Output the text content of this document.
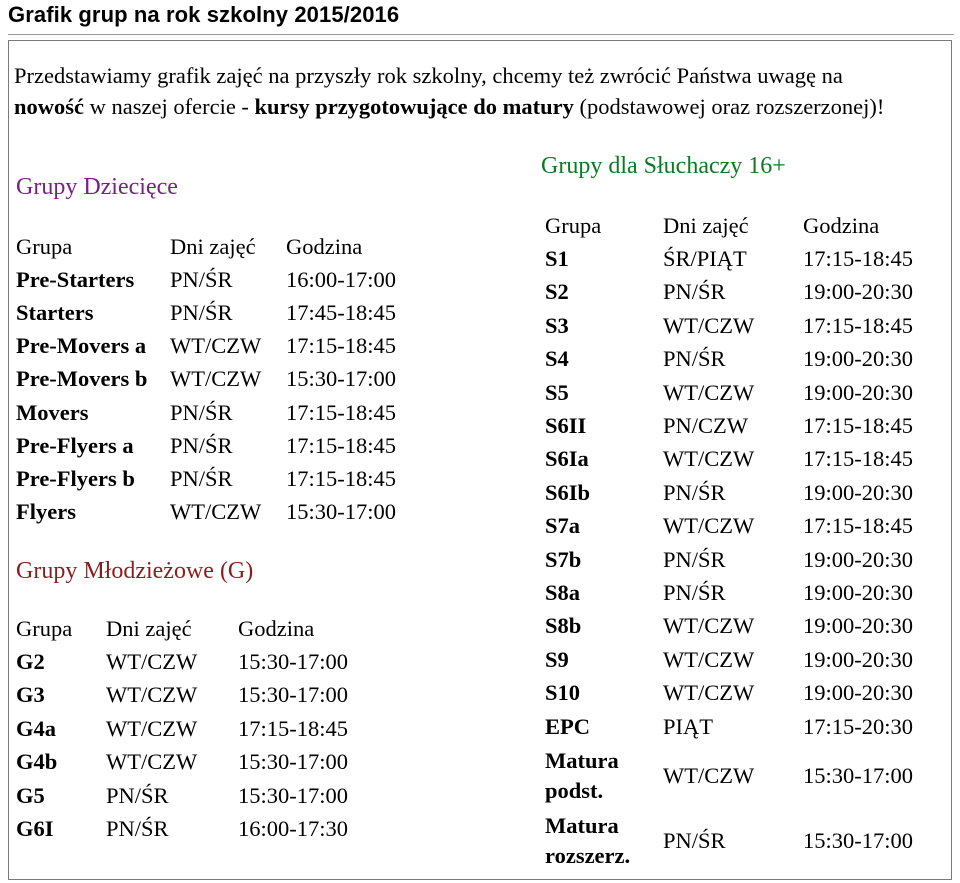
Grafik grup na rok szkolny 2015/2016
Przedstawiamy grafik zajęć na przyszły rok szkolny, chcemy też zwrócić Państwa uwagę na nowość w naszej ofercie - kursy przygotowujące do matury (podstawowej oraz rozszerzonej)!
Grupy Dziecięce
Grupa	Dni zajęć	Godzina
Pre-Starters	PN/ŚR	16:00-17:00
Starters	PN/ŚR	17:45-18:45
Pre-Movers a	WT/CZW	17:15-18:45
Pre-Movers b	WT/CZW	15:30-17:00
Movers	PN/ŚR	17:15-18:45
Pre-Flyers a	PN/ŚR	17:15-18:45
Pre-Flyers b	PN/ŚR	17:15-18:45
Flyers	WT/CZW	15:30-17:00
Grupy Młodzieżowe (G)
Grupa	Dni zajęć	Godzina
G2	WT/CZW	15:30-17:00
G3	WT/CZW	15:30-17:00
G4a	WT/CZW	17:15-18:45
G4b	WT/CZW	15:30-17:00
G5	PN/ŚR	15:30-17:00
G6I	PN/ŚR	16:00-17:30
Grupy dla Słuchaczy 16+
Grupa	Dni zajęć	Godzina
S1	ŚR/PIĄT	17:15-18:45
S2	PN/ŚR	19:00-20:30
S3	WT/CZW	17:15-18:45
S4	PN/ŚR	19:00-20:30
S5	WT/CZW	19:00-20:30
S6II	PN/CZW	17:15-18:45
S6Ia	WT/CZW	17:15-18:45
S6Ib	PN/ŚR	19:00-20:30
S7a	WT/CZW	17:15-18:45
S7b	PN/ŚR	19:00-20:30
S8a	PN/ŚR	19:00-20:30
S8b	WT/CZW	19:00-20:30
S9	WT/CZW	19:00-20:30
S10	WT/CZW	19:00-20:30
EPC	PIĄT	17:15-20:30
Matura
podst.	WT/CZW	15:30-17:00
Matura
rozszerz.	PN/ŚR	15:30-17:00
